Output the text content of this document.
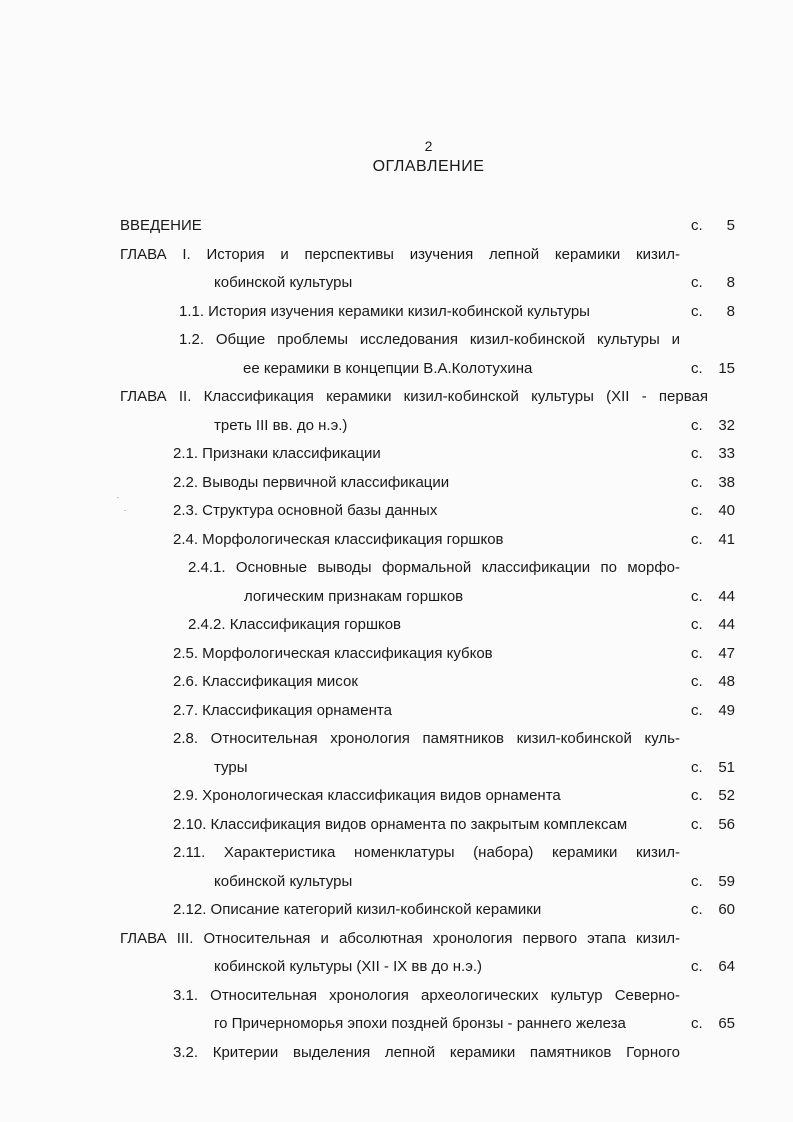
2
ОГЛАВЛЕНИЕ
ВВЕДЕНИЕ	с. 5
ГЛАВА I. История и перспективы изучения лепной керамики кизил-
кобинской культуры	с. 8
1.1. История изучения керамики кизил-кобинской культуры	с. 8
1.2. Общие проблемы исследования кизил-кобинской культуры и
ее керамики в концепции В.А.Колотухина	с. 15
ГЛАВА II. Классификация керамики кизил-кобинской культуры (XII - первая
треть III вв. до н.э.)	с. 32
2.1. Признаки классификации	с. 33
2.2. Выводы первичной классификации	с. 38
2.3. Структура основной базы данных	с. 40
2.4. Морфологическая классификация горшков	с. 41
2.4.1. Основные выводы формальной классификации по морфо-
логическим признакам горшков	с. 44
2.4.2. Классификация горшков	с. 44
2.5. Морфологическая классификация кубков	с. 47
2.6. Классификация мисок	с. 48
2.7. Классификация орнамента	с. 49
2.8. Относительная хронология памятников кизил-кобинской куль-
туры	с. 51
2.9. Хронологическая классификация видов орнамента	с. 52
2.10. Классификация видов орнамента по закрытым комплексам	с. 56
2.11. Характеристика номенклатуры (набора) керамики кизил-
кобинской культуры	с. 59
2.12. Описание категорий кизил-кобинской керамики	с. 60
ГЛАВА III. Относительная и абсолютная хронология первого этапа кизил-
кобинской культуры (XII - IX вв до н.э.)	с. 64
3.1. Относительная хронология археологических культур Северно-
го Причерноморья эпохи поздней бронзы - раннего железа	с. 65
3.2. Критерии выделения лепной керамики памятников Горного
